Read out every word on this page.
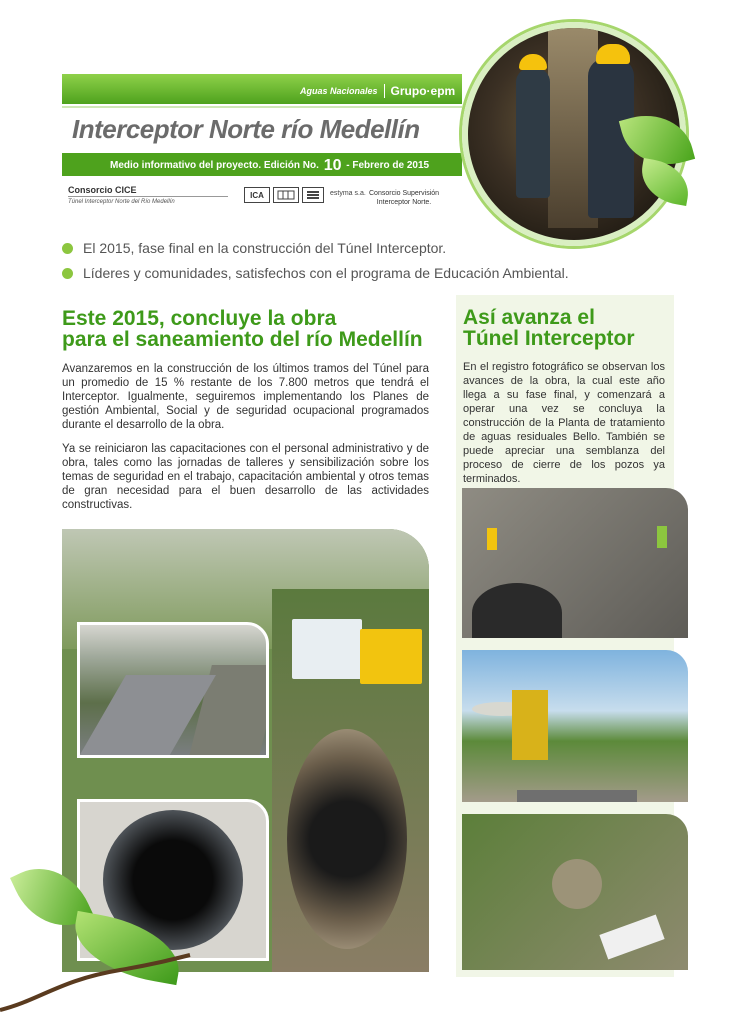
Aguas Nacionales Grupo·epm
Interceptor Norte río Medellín
Medio informativo del proyecto. Edición No. 10 - Febrero de 2015
Consorcio CICE
Túnel Interceptor Norte del Río Medellín
ICA	estyma s.a. Consorcio Supervisión
Interceptor Norte.
El 2015, fase final en la construcción del Túnel Interceptor.
Líderes y comunidades, satisfechos con el programa de Educación Ambiental.
Este 2015, concluye la obra
para el saneamiento del río Medellín
Avanzaremos en la construcción de los últimos tramos del Túnel para un promedio de 15 % restante de los 7.800 metros que tendrá el Interceptor. Igualmente, seguiremos implementando los Planes de gestión Ambiental, Social y de seguridad ocupacional programados durante el desarrollo de la obra.
Ya se reiniciaron las capacitaciones con el personal administrativo y de obra, tales como las jornadas de talleres y sensibilización sobre los temas de seguridad en el trabajo, capacitación ambiental y otros temas de gran necesidad para el buen desarrollo de las actividades constructivas.
Así avanza el
Túnel Interceptor
En el registro fotográfico se observan los avances de la obra, la cual este año llega a su fase final, y comenzará a operar una vez se concluya la construcción de la Planta de tratamiento de aguas residuales Bello. También se puede apreciar una semblanza del proceso de cierre de los pozos ya terminados.
